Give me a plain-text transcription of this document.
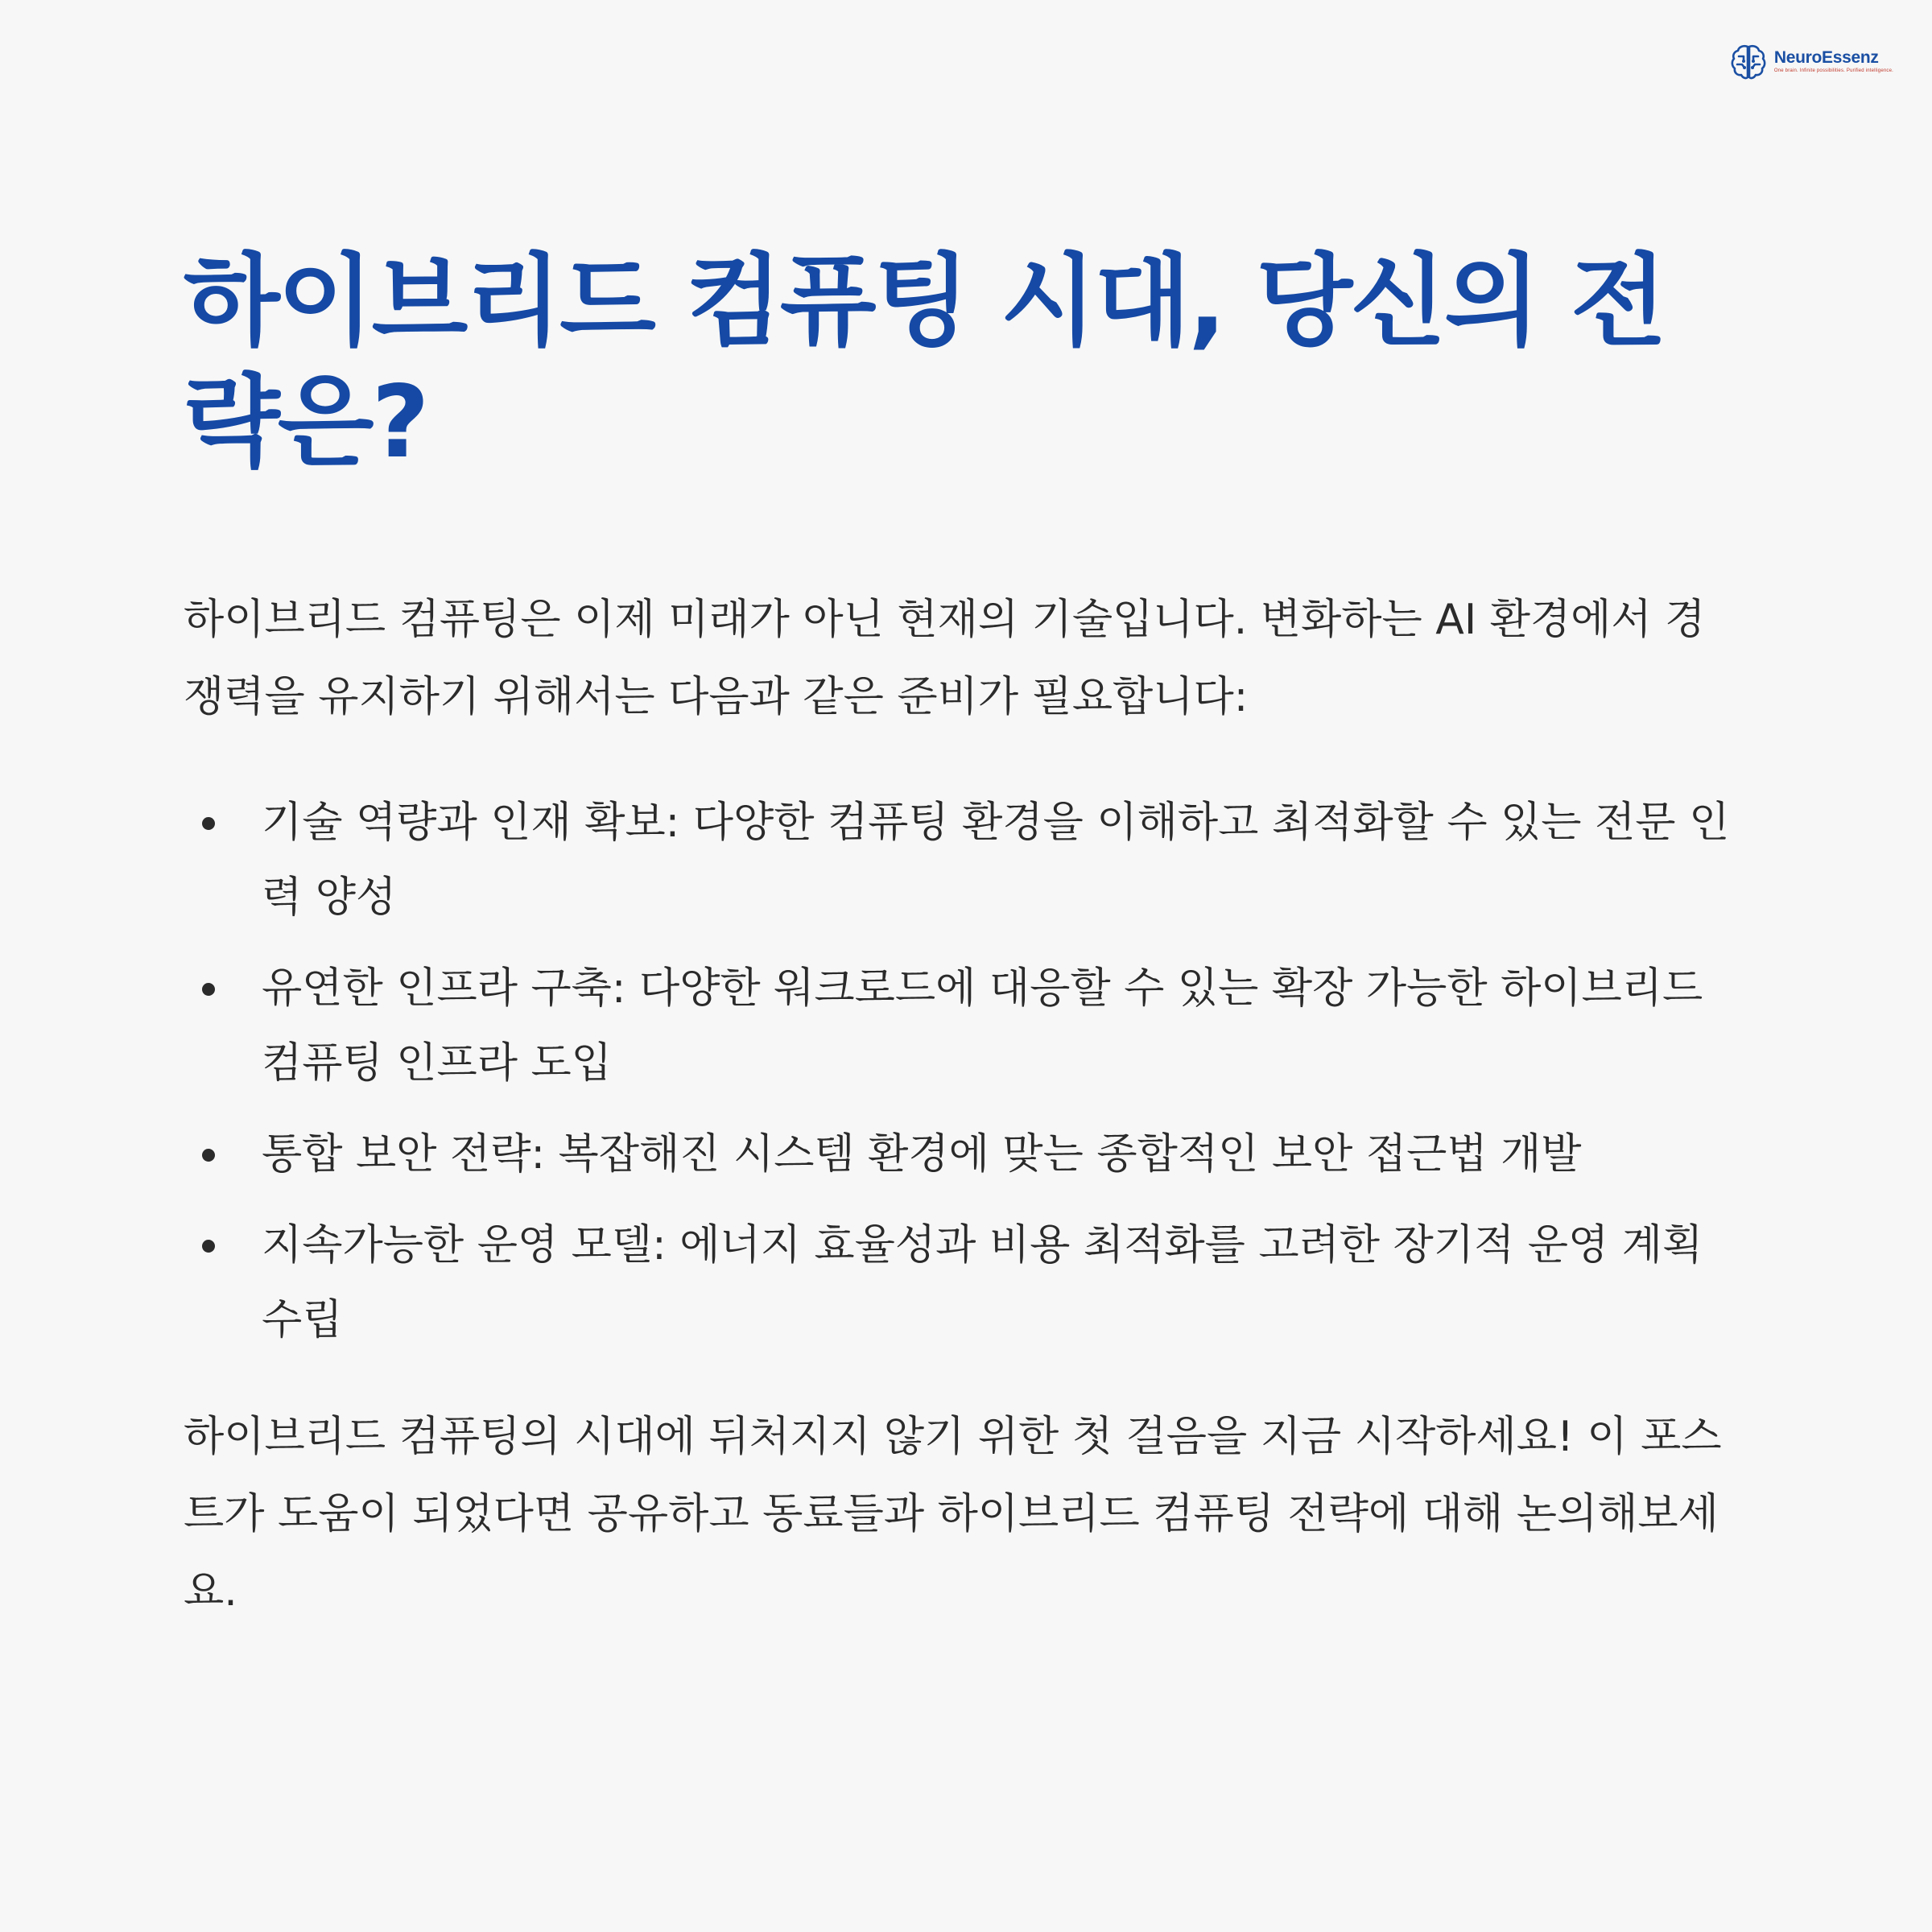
NeuroEssenz
One brain. Infinite possibilities. Purified intelligence.
하이브리드 컴퓨팅 시대, 당신의 전략은?

하이브리드 컴퓨팅은 이제 미래가 아닌 현재의 기술입니다. 변화하는 AI 환경에서 경쟁력을 유지하기 위해서는 다음과 같은 준비가 필요합니다:

기술 역량과 인재 확보: 다양한 컴퓨팅 환경을 이해하고 최적화할 수 있는 전문 인력 양성
유연한 인프라 구축: 다양한 워크로드에 대응할 수 있는 확장 가능한 하이브리드 컴퓨팅 인프라 도입
통합 보안 전략: 복잡해진 시스템 환경에 맞는 종합적인 보안 접근법 개발
지속가능한 운영 모델: 에너지 효율성과 비용 최적화를 고려한 장기적 운영 계획 수립

하이브리드 컴퓨팅의 시대에 뒤처지지 않기 위한 첫 걸음을 지금 시작하세요! 이 포스트가 도움이 되었다면 공유하고 동료들과 하이브리드 컴퓨팅 전략에 대해 논의해보세요.
